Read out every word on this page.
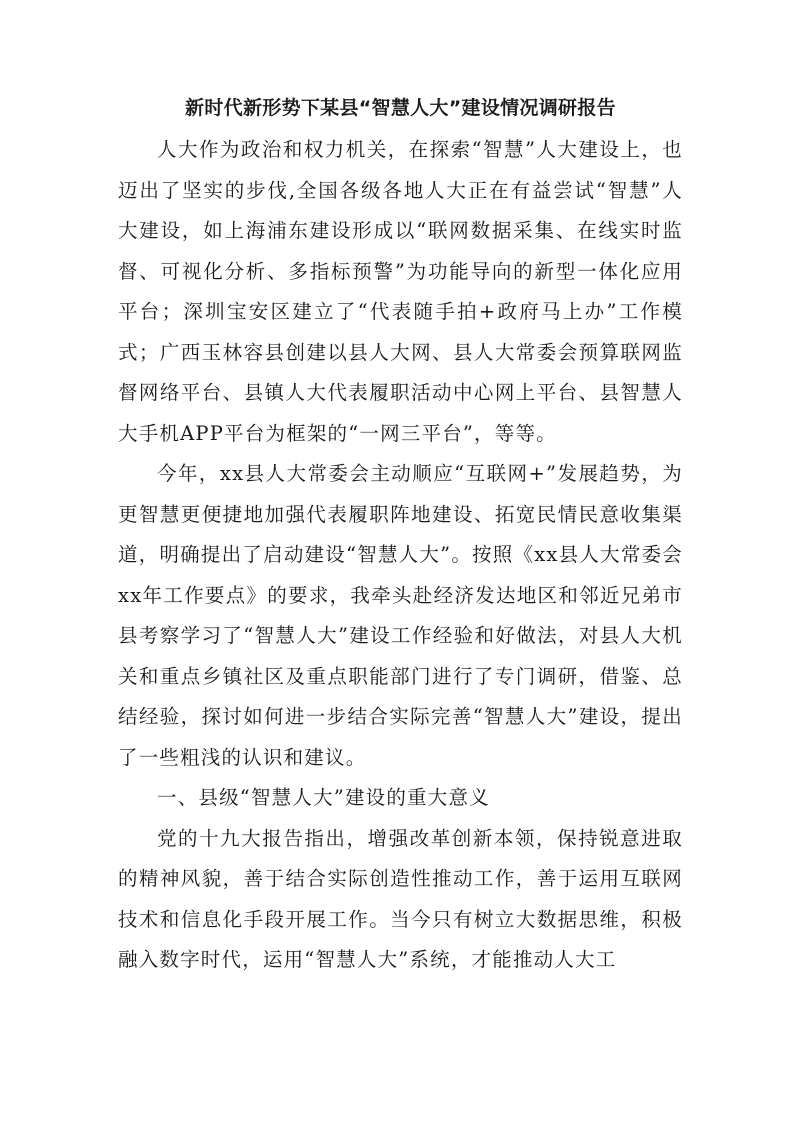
新时代新形势下某县“智慧人大”建设情况调研报告

人大作为政治和权力机关，在探索“智慧”人大建设上，也迈出了坚实的步伐,全国各级各地人大正在有益尝试“智慧”人大建设，如上海浦东建设形成以“联网数据采集、在线实时监督、可视化分析、多指标预警”为功能导向的新型一体化应用平台；深圳宝安区建立了“代表随手拍+政府马上办”工作模式；广西玉林容县创建以县人大网、县人大常委会预算联网监督网络平台、县镇人大代表履职活动中心网上平台、县智慧人大手机APP平台为框架的“一网三平台”，等等。

今年，xx县人大常委会主动顺应“互联网+”发展趋势，为更智慧更便捷地加强代表履职阵地建设、拓宽民情民意收集渠道，明确提出了启动建设“智慧人大”。按照《xx县人大常委会xx年工作要点》的要求，我牵头赴经济发达地区和邻近兄弟市县考察学习了“智慧人大”建设工作经验和好做法，对县人大机关和重点乡镇社区及重点职能部门进行了专门调研，借鉴、总结经验，探讨如何进一步结合实际完善“智慧人大”建设，提出了一些粗浅的认识和建议。

一、县级“智慧人大”建设的重大意义

党的十九大报告指出，增强改革创新本领，保持锐意进取的精神风貌，善于结合实际创造性推动工作，善于运用互联网技术和信息化手段开展工作。当今只有树立大数据思维，积极融入数字时代，运用“智慧人大”系统，才能推动人大工
